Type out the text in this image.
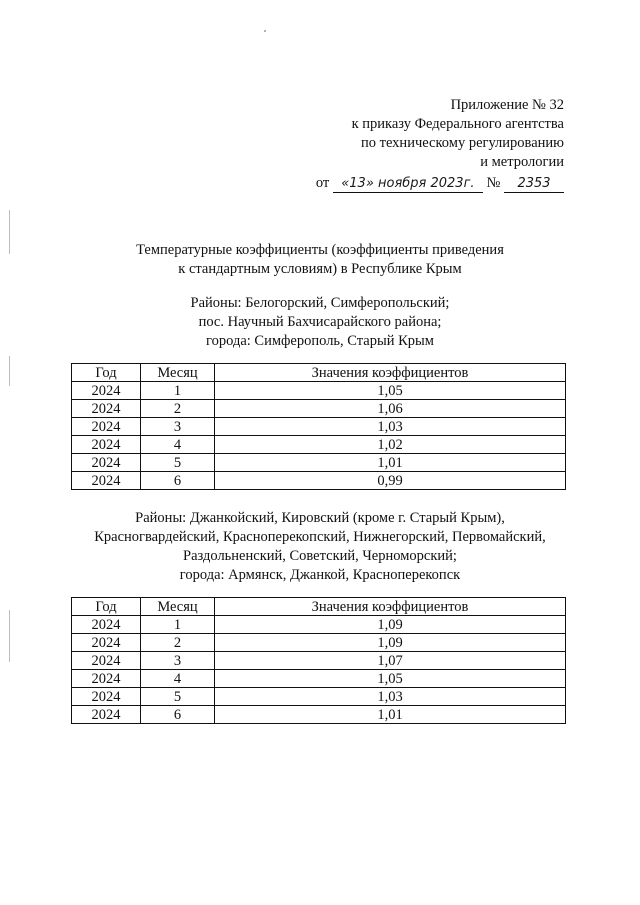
Приложение № 32
к приказу Федерального агентства
по техническому регулированию
и метрологии
от «13» ноября 2023г. № 2353
Температурные коэффициенты (коэффициенты приведения
к стандартным условиям) в Республике Крым
Районы: Белогорский, Симферопольский;
пос. Научный Бахчисарайского района;
города: Симферополь, Старый Крым
Год	Месяц	Значения коэффициентов
2024	1	1,05
2024	2	1,06
2024	3	1,03
2024	4	1,02
2024	5	1,01
2024	6	0,99
Районы: Джанкойский, Кировский (кроме г. Старый Крым),
Красногвардейский, Красноперекопский, Нижнегорский, Первомайский,
Раздольненский, Советский, Черноморский;
города: Армянск, Джанкой, Красноперекопск
Год	Месяц	Значения коэффициентов
2024	1	1,09
2024	2	1,09
2024	3	1,07
2024	4	1,05
2024	5	1,03
2024	6	1,01
